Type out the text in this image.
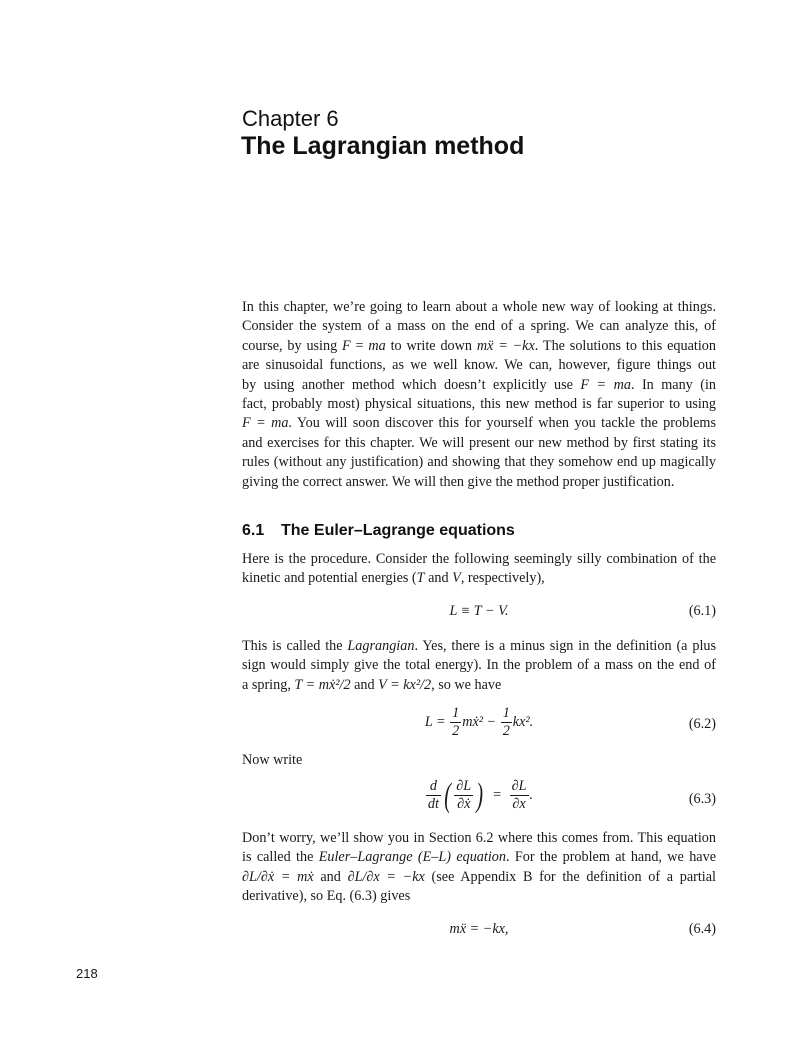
Chapter 6
The Lagrangian method
In this chapter, we’re going to learn about a whole new way of looking at things.
Consider the system of a mass on the end of a spring. We can analyze this, of
course, by using F = ma to write down mẍ = −kx. The solutions to this equation
are sinusoidal functions, as we well know. We can, however, figure things out
by using another method which doesn’t explicitly use F = ma. In many (in
fact, probably most) physical situations, this new method is far superior to using
F = ma. You will soon discover this for yourself when you tackle the problems
and exercises for this chapter. We will present our new method by first stating its
rules (without any justification) and showing that they somehow end up magically
giving the correct answer. We will then give the method proper justification.
6.1 The Euler–Lagrange equations
Here is the procedure. Consider the following seemingly silly combination of the
kinetic and potential energies (T and V, respectively),
L ≡ T − V.	(6.1)
This is called the Lagrangian. Yes, there is a minus sign in the definition (a plus
sign would simply give the total energy). In the problem of a mass on the end of
a spring, T = mẋ²/2 and V = kx²/2, so we have
$L = \frac{1}{2}$ mẋ² − $\frac{1}{2} kx^2$.	(6.2)
Now write
$\frac{d}{dt}$ ( $\frac{\partial L}{\text{∂ẋ}}$ ) = $\frac{\partial L}{\partial x}$ .	(6.3)
Don’t worry, we’ll show you in Section 6.2 where this comes from. This equation
is called the Euler–Lagrange (E–L) equation. For the problem at hand, we have
∂L/∂ẋ = mẋ and ∂L/∂x = −kx (see Appendix B for the definition of a partial
derivative), so Eq. (6.3) gives
mẍ = −kx,	(6.4)
218
